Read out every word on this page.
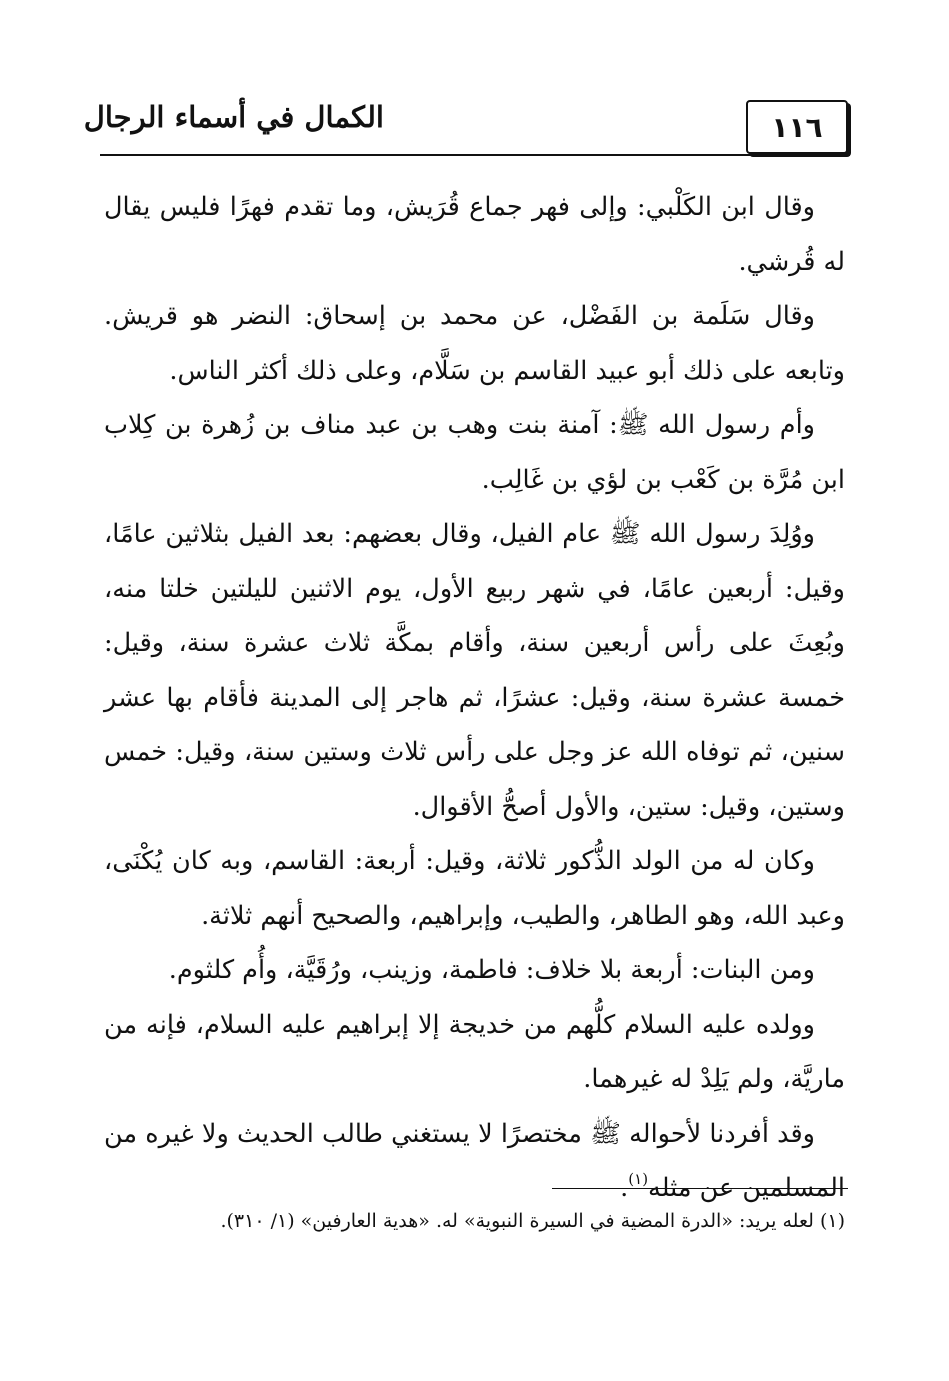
الكمال في أسماء الرجال	١١٦

وقال ابن الكَلْبي: وإلى فهر جماع قُرَيش، وما تقدم فهرًا فليس يقال له قُرشي.

وقال سَلَمة بن الفَضْل، عن محمد بن إسحاق: النضر هو قريش. وتابعه على ذلك أبو عبيد القاسم بن سَلَّام، وعلى ذلك أكثر الناس.

وأم رسول الله ﷺ: آمنة بنت وهب بن عبد مناف بن زُهرة بن كِلاب ابن مُرَّة بن كَعْب بن لؤي بن غَالِب.

ووُلِدَ رسول الله ﷺ عام الفيل، وقال بعضهم: بعد الفيل بثلاثين عامًا، وقيل: أربعين عامًا، في شهر ربيع الأول، يوم الاثنين لليلتين خلتا منه، وبُعِثَ على رأس أربعين سنة، وأقام بمكَّة ثلاث عشرة سنة، وقيل: خمسة عشرة سنة، وقيل: عشرًا، ثم هاجر إلى المدينة فأقام بها عشر سنين، ثم توفاه الله عز وجل على رأس ثلاث وستين سنة، وقيل: خمس وستين، وقيل: ستين، والأول أصحُّ الأقوال.

وكان له من الولد الذُّكور ثلاثة، وقيل: أربعة: القاسم، وبه كان يُكْنَى، وعبد الله، وهو الطاهر، والطيب، وإبراهيم، والصحيح أنهم ثلاثة.

ومن البنات: أربعة بلا خلاف: فاطمة، وزينب، ورُقَيَّة، وأُم كلثوم.

وولده عليه السلام كلُّهم من خديجة إلا إبراهيم عليه السلام، فإنه من ماريَّة، ولم يَلِدْ له غيرهما.

وقد أفردنا لأحواله ﷺ مختصرًا لا يستغني طالب الحديث ولا غيره من المسلمين عن مثله$^{(١)}$.

(١) لعله يريد: «الدرة المضية في السيرة النبوية» له. «هدية العارفين» (١/ ٣١٠).
